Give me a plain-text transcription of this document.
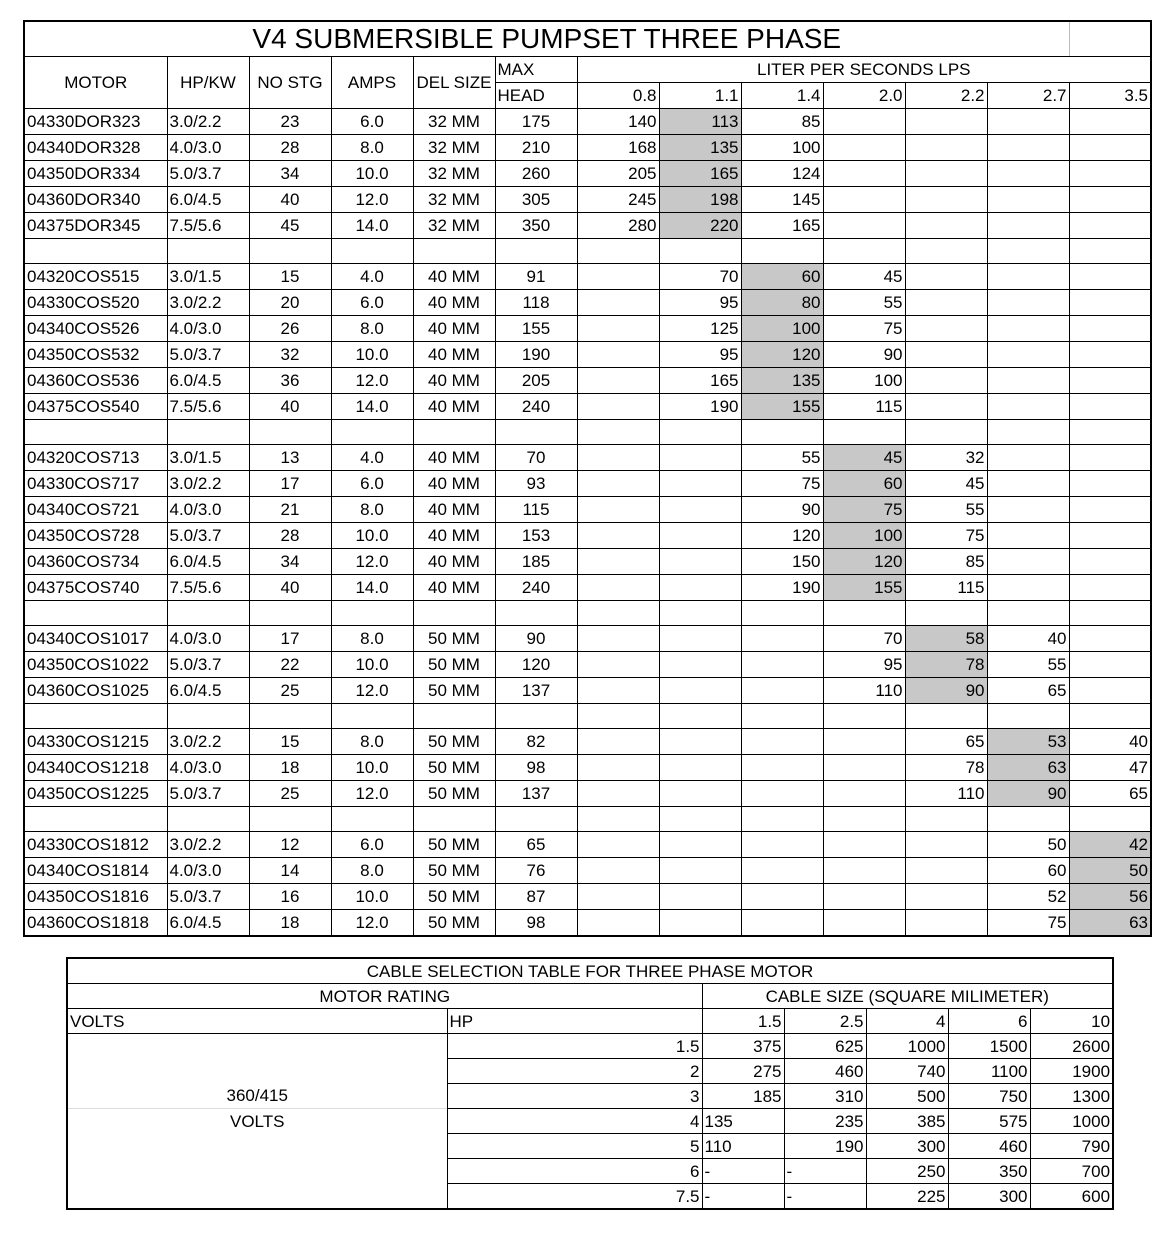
V4 SUBMERSIBLE PUMPSET THREE PHASE												
MOTOR	HP/KW	NO STG	AMPS	DEL SIZE	MAX	LITER PER SECONDS LPS						
					HEAD	0.8	1.1	1.4	2.0	2.2	2.7	3.5
04330DOR323	3.0/2.2	23	6.0	32 MM	175	140	113	85				
04340DOR328	4.0/3.0	28	8.0	32 MM	210	168	135	100				
04350DOR334	5.0/3.7	34	10.0	32 MM	260	205	165	124				
04360DOR340	6.0/4.5	40	12.0	32 MM	305	245	198	145				
04375DOR345	7.5/5.6	45	14.0	32 MM	350	280	220	165				

04320COS515	3.0/1.5	15	4.0	40 MM	91		70	60	45			
04330COS520	3.0/2.2	20	6.0	40 MM	118		95	80	55			
04340COS526	4.0/3.0	26	8.0	40 MM	155		125	100	75			
04350COS532	5.0/3.7	32	10.0	40 MM	190		95	120	90			
04360COS536	6.0/4.5	36	12.0	40 MM	205		165	135	100			
04375COS540	7.5/5.6	40	14.0	40 MM	240		190	155	115			

04320COS713	3.0/1.5	13	4.0	40 MM	70			55	45	32		
04330COS717	3.0/2.2	17	6.0	40 MM	93			75	60	45		
04340COS721	4.0/3.0	21	8.0	40 MM	115			90	75	55		
04350COS728	5.0/3.7	28	10.0	40 MM	153			120	100	75		
04360COS734	6.0/4.5	34	12.0	40 MM	185			150	120	85		
04375COS740	7.5/5.6	40	14.0	40 MM	240			190	155	115		

04340COS1017	4.0/3.0	17	8.0	50 MM	90				70	58	40	
04350COS1022	5.0/3.7	22	10.0	50 MM	120				95	78	55	
04360COS1025	6.0/4.5	25	12.0	50 MM	137				110	90	65	

04330COS1215	3.0/2.2	15	8.0	50 MM	82					65	53	40
04340COS1218	4.0/3.0	18	10.0	50 MM	98					78	63	47
04350COS1225	5.0/3.7	25	12.0	50 MM	137					110	90	65

04330COS1812	3.0/2.2	12	6.0	50 MM	65						50	42
04340COS1814	4.0/3.0	14	8.0	50 MM	76						60	50
04350COS1816	5.0/3.7	16	10.0	50 MM	87						52	56
04360COS1818	6.0/4.5	18	12.0	50 MM	98						75	63
CABLE SELECTION TABLE FOR THREE PHASE MOTOR						
MOTOR RATING		CABLE SIZE (SQUARE MILIMETER)				
VOLTS	HP	1.5	2.5	4	6	10
	1.5	375	625	1000	1500	2600
	2	275	460	740	1100	1900
360/415	3	185	310	500	750	1300
VOLTS	4	135	235	385	575	1000
	5	110	190	300	460	790
	6	-	-	250	350	700
	7.5	-	-	225	300	600
